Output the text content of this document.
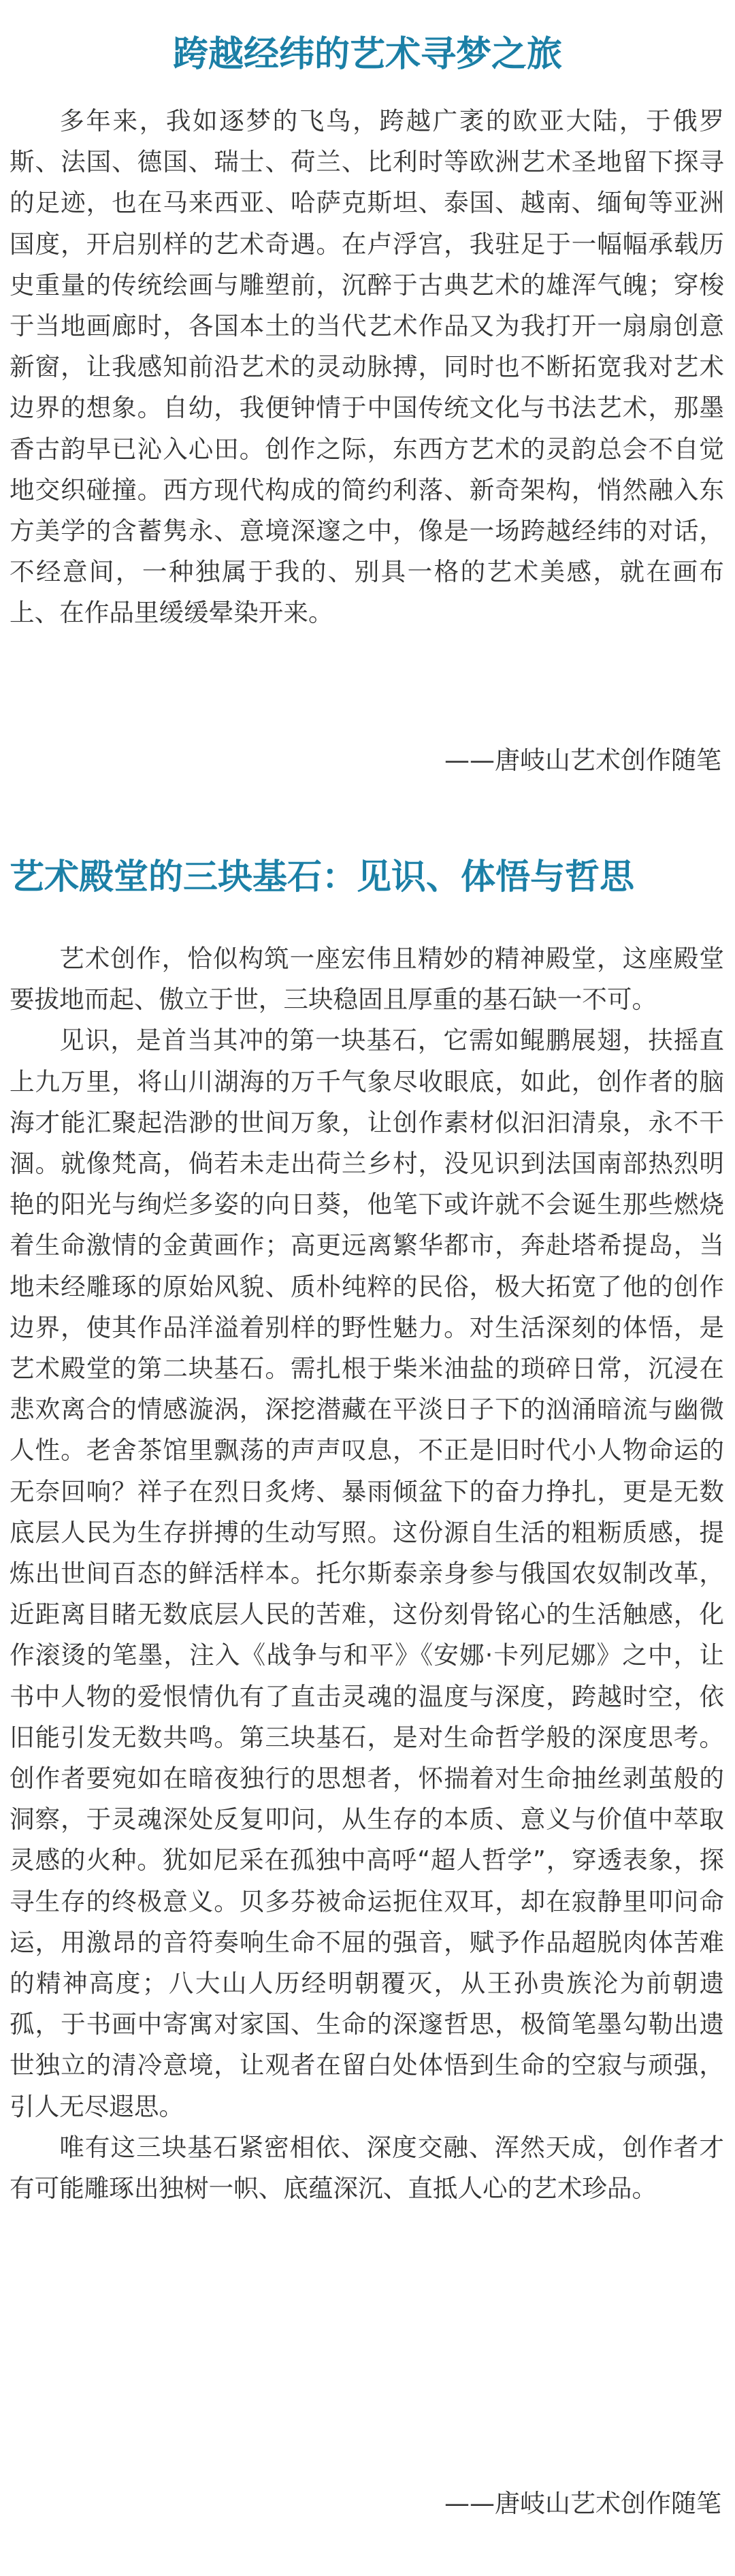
跨越经纬的艺术寻梦之旅

多年来，我如逐梦的飞鸟，跨越广袤的欧亚大陆，于俄罗斯、法国、德国、瑞士、荷兰、比利时等欧洲艺术圣地留下探寻的足迹，也在马来西亚、哈萨克斯坦、泰国、越南、缅甸等亚洲国度，开启别样的艺术奇遇。在卢浮宫，我驻足于一幅幅承载历史重量的传统绘画与雕塑前，沉醉于古典艺术的雄浑气魄；穿梭于当地画廊时，各国本土的当代艺术作品又为我打开一扇扇创意新窗，让我感知前沿艺术的灵动脉搏，同时也不断拓宽我对艺术边界的想象。自幼，我便钟情于中国传统文化与书法艺术，那墨香古韵早已沁入心田。创作之际，东西方艺术的灵韵总会不自觉地交织碰撞。西方现代构成的简约利落、新奇架构，悄然融入东方美学的含蓄隽永、意境深邃之中，像是一场跨越经纬的对话，不经意间，一种独属于我的、别具一格的艺术美感，就在画布上、在作品里缓缓晕染开来。

——唐岐山艺术创作随笔
艺术殿堂的三块基石：见识、体悟与哲思

艺术创作，恰似构筑一座宏伟且精妙的精神殿堂，这座殿堂要拔地而起、傲立于世，三块稳固且厚重的基石缺一不可。

见识，是首当其冲的第一块基石，它需如鲲鹏展翅，扶摇直上九万里，将山川湖海的万千气象尽收眼底，如此，创作者的脑海才能汇聚起浩渺的世间万象，让创作素材似汩汩清泉，永不干涸。就像梵高，倘若未走出荷兰乡村，没见识到法国南部热烈明艳的阳光与绚烂多姿的向日葵，他笔下或许就不会诞生那些燃烧着生命激情的金黄画作；高更远离繁华都市，奔赴塔希提岛，当地未经雕琢的原始风貌、质朴纯粹的民俗，极大拓宽了他的创作边界，使其作品洋溢着别样的野性魅力。对生活深刻的体悟，是艺术殿堂的第二块基石。需扎根于柴米油盐的琐碎日常，沉浸在悲欢离合的情感漩涡，深挖潜藏在平淡日子下的汹涌暗流与幽微人性。老舍茶馆里飘荡的声声叹息，不正是旧时代小人物命运的无奈回响？祥子在烈日炙烤、暴雨倾盆下的奋力挣扎，更是无数底层人民为生存拼搏的生动写照。这份源自生活的粗粝质感，提炼出世间百态的鲜活样本。托尔斯泰亲身参与俄国农奴制改革，近距离目睹无数底层人民的苦难，这份刻骨铭心的生活触感，化作滚烫的笔墨，注入《战争与和平》《安娜·卡列尼娜》之中，让书中人物的爱恨情仇有了直击灵魂的温度与深度，跨越时空，依旧能引发无数共鸣。第三块基石，是对生命哲学般的深度思考。创作者要宛如在暗夜独行的思想者，怀揣着对生命抽丝剥茧般的洞察，于灵魂深处反复叩问，从生存的本质、意义与价值中萃取灵感的火种。犹如尼采在孤独中高呼“超人哲学”，穿透表象，探寻生存的终极意义。贝多芬被命运扼住双耳，却在寂静里叩问命运，用激昂的音符奏响生命不屈的强音，赋予作品超脱肉体苦难的精神高度；八大山人历经明朝覆灭，从王孙贵族沦为前朝遗孤，于书画中寄寓对家国、生命的深邃哲思，极简笔墨勾勒出遗世独立的清冷意境，让观者在留白处体悟到生命的空寂与顽强，引人无尽遐思。

唯有这三块基石紧密相依、深度交融、浑然天成，创作者才有可能雕琢出独树一帜、底蕴深沉、直抵人心的艺术珍品。

——唐岐山艺术创作随笔
